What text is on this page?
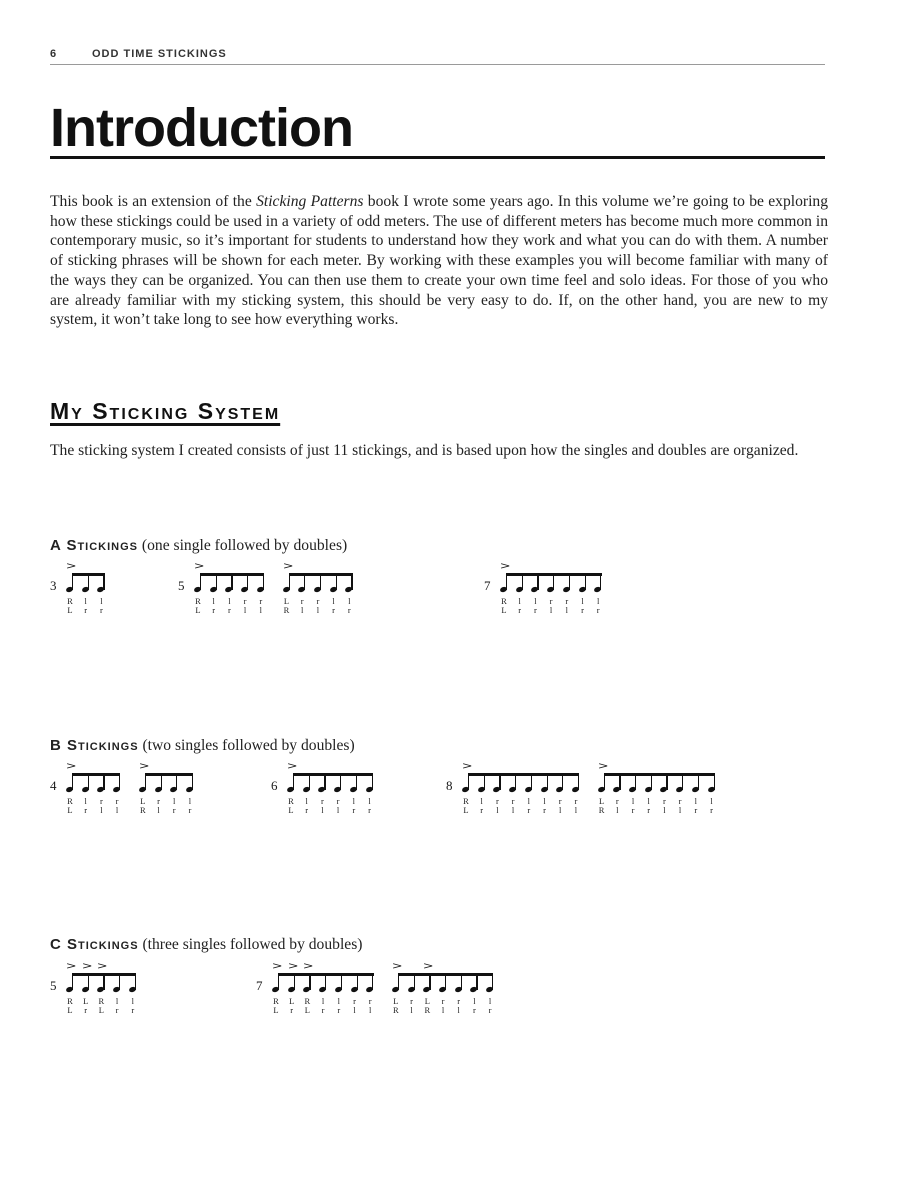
6	ODD TIME STICKINGS
Introduction

This book is an extension of the Sticking Patterns book I wrote some years ago. In this volume we’re going to be exploring how these stickings could be used in a variety of odd meters. The use of different meters has become much more common in contemporary music, so it’s important for students to understand how they work and what you can do with them. A number of sticking phrases will be shown for each meter. By working with these examples you will become familiar with many of the ways they can be organized. You can then use them to create your own time feel and solo ideas. For those of you who are already familiar with my sticking system, this should be very easy to do. If, on the other hand, you are new to my system, it won’t take long to see how everything works.

My Sticking System

The sticking system I created consists of just 11 stickings, and is based upon how the singles and doubles are organized.

A Stickings (one single followed by doubles)

3
>
R
L
l
r
l
r
5
>
R
L
l
r
l
r
r
l
r
l
>
L
R
r
l
r
l
l
r
l
r
7
>
R
L
l
r
l
r
r
l
r
l
l
r
l
r

B Stickings (two singles followed by doubles)

4
>
R
L
l
r
r
l
r
l
>
L
R
r
l
l
r
l
r
6
>
R
L
l
r
r
l
r
l
l
r
l
r
8
>
R
L
l
r
r
l
r
l
l
r
l
r
r
l
r
l
>
L
R
r
l
l
r
l
r
r
l
r
l
l
r
l
r

C Stickings (three singles followed by doubles)

5
>
R
L
>
L
r
>
R
L
l
r
l
r
7
>
R
L
>
L
r
>
R
L
l
r
l
r
r
l
r
l
>
L
R
r
l
>
L
R
r
l
r
l
l
r
l
r
